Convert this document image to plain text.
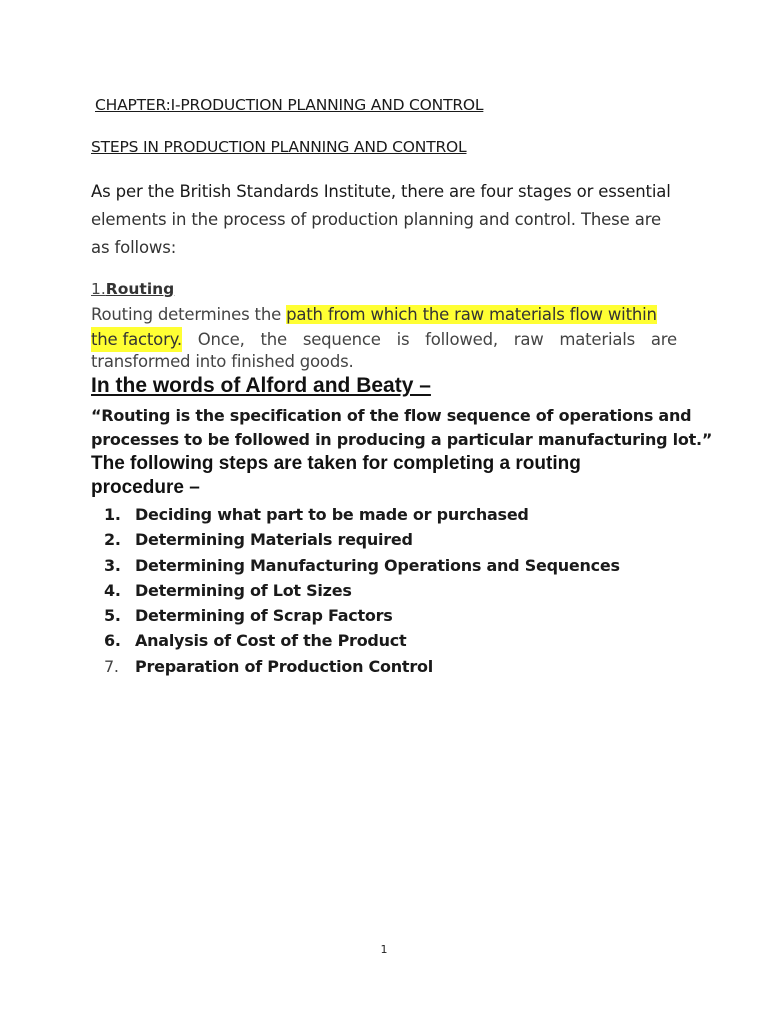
CHAPTER:I-PRODUCTION PLANNING AND CONTROL
STEPS IN PRODUCTION PLANNING AND CONTROL
As per the British Standards Institute, there are four stages or essential
elements in the process of production planning and control. These are
as follows:
1.Routing
Routing determines the path from which the raw materials flow within
the factory. Once, the sequence is followed, raw materials are
transformed into finished goods.
In the words of Alford and Beaty –
“Routing is the specification of the flow sequence of operations and
processes to be followed in producing a particular manufacturing lot.”
The following steps are taken for completing a routing
procedure –
1. Deciding what part to be made or purchased
2. Determining Materials required
3. Determining Manufacturing Operations and Sequences
4. Determining of Lot Sizes
5. Determining of Scrap Factors
6. Analysis of Cost of the Product
7. Preparation of Production Control
1
